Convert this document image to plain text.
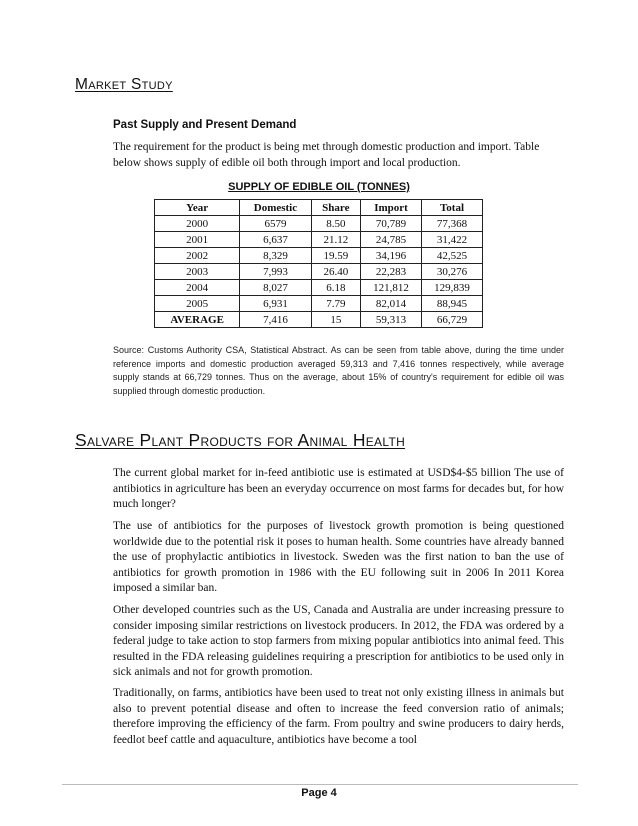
Market Study
Past Supply and Present Demand

The requirement for the product is being met through domestic production and import. Table below shows supply of edible oil both through import and local production.

SUPPLY OF EDIBLE OIL (TONNES)
Year	Domestic	Share	Import	Total
2000	6579	8.50	70,789	77,368
2001	6,637	21.12	24,785	31,422
2002	8,329	19.59	34,196	42,525
2003	7,993	26.40	22,283	30,276
2004	8,027	6.18	121,812	129,839
2005	6,931	7.79	82,014	88,945
AVERAGE	7,416	15	59,313	66,729

Source: Customs Authority CSA, Statistical Abstract. As can be seen from table above, during the time under reference imports and domestic production averaged 59,313 and 7,416 tonnes respectively, while average supply stands at 66,729 tonnes. Thus on the average, about 15% of country's requirement for edible oil was supplied through domestic production.

Salvare Plant Products for Animal Health

The current global market for in-feed antibiotic use is estimated at USD$4-$5 billion The use of antibiotics in agriculture has been an everyday occurrence on most farms for decades but, for how much longer?

The use of antibiotics for the purposes of livestock growth promotion is being questioned worldwide due to the potential risk it poses to human health. Some countries have already banned the use of prophylactic antibiotics in livestock. Sweden was the first nation to ban the use of antibiotics for growth promotion in 1986 with the EU following suit in 2006 In 2011 Korea imposed a similar ban.

Other developed countries such as the US, Canada and Australia are under increasing pressure to consider imposing similar restrictions on livestock producers. In 2012, the FDA was ordered by a federal judge to take action to stop farmers from mixing popular antibiotics into animal feed. This resulted in the FDA releasing guidelines requiring a prescription for antibiotics to be used only in sick animals and not for growth promotion.

Traditionally, on farms, antibiotics have been used to treat not only existing illness in animals but also to prevent potential disease and often to increase the feed conversion ratio of animals; therefore improving the efficiency of the farm. From poultry and swine producers to dairy herds, feedlot beef cattle and aquaculture, antibiotics have become a tool

Page 4
